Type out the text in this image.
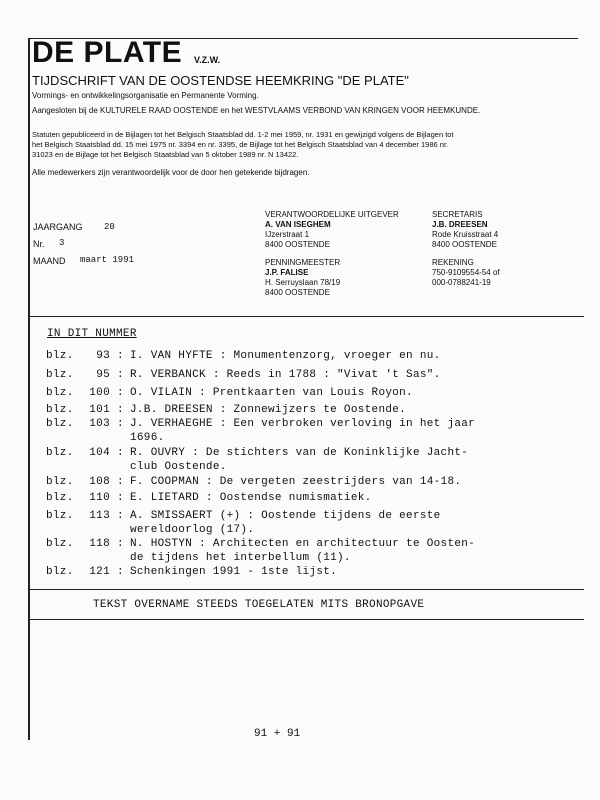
DE PLATE V.Z.W.
TIJDSCHRIFT VAN DE OOSTENDSE HEEMKRING "DE PLATE"
Vormings- en ontwikkelingsorganisatie en Permanente Vorming.
Aangesloten bij de KULTURELE RAAD OOSTENDE en het WESTVLAAMS VERBOND VAN KRINGEN VOOR HEEMKUNDE.
Statuten gepubliceerd in de Bijlagen tot het Belgisch Staatsblad dd. 1-2 mei 1959, nr. 1931 en gewijzigd volgens de Bijlagen tot
het Belgisch Staatsblad dd. 15 mei 1975 nr. 3394 en nr. 3395, de Bijlage tot het Belgisch Staatsblad van 4 december 1986 nr.
31023 en de Bijlage tot het Belgisch Staatsblad van 5 oktober 1989 nr. N 13422.
Alle medewerkers zijn verantwoordelijk voor de door hen getekende bijdragen.
JAARGANG 20
Nr. 3
MAAND maart 1991
VERANTWOORDELIJKE UITGEVER
A. VAN ISEGHEM
IJzerstraat 1
8400 OOSTENDE
SECRETARIS
J.B. DREESEN
Rode Kruisstraat 4
8400 OOSTENDE
PENNINGMEESTER
J.P. FALISE
H. Serruyslaan 78/19
8400 OOSTENDE
REKENING
750-9109554-54 of
000-0788241-19
IN DIT NUMMER
blz.	93 : I. VAN HYFTE : Monumentenzorg, vroeger en nu.
blz.	95 : R. VERBANCK : Reeds in 1788 : "Vivat 't Sas".
blz.	100 : O. VILAIN : Prentkaarten van Louis Royon.
blz.	101 : J.B. DREESEN : Zonnewijzers te Oostende.
blz.	103 : J. VERHAEGHE : Een verbroken verloving in het jaar
1696.
blz.	104 : R. OUVRY : De stichters van de Koninklijke Jacht-
club Oostende.
blz.	108 : F. COOPMAN : De vergeten zeestrijders van 14-18.
blz.	110 : E. LIETARD : Oostendse numismatiek.
blz.	113 : A. SMISSAERT (+) : Oostende tijdens de eerste
wereldoorlog (17).
blz.	118 : N. HOSTYN : Architecten en architectuur te Oosten-
de tijdens het interbellum (11).
blz.	121 : Schenkingen 1991 - 1ste lijst.
TEKST OVERNAME STEEDS TOEGELATEN MITS BRONOPGAVE
91 + 91
